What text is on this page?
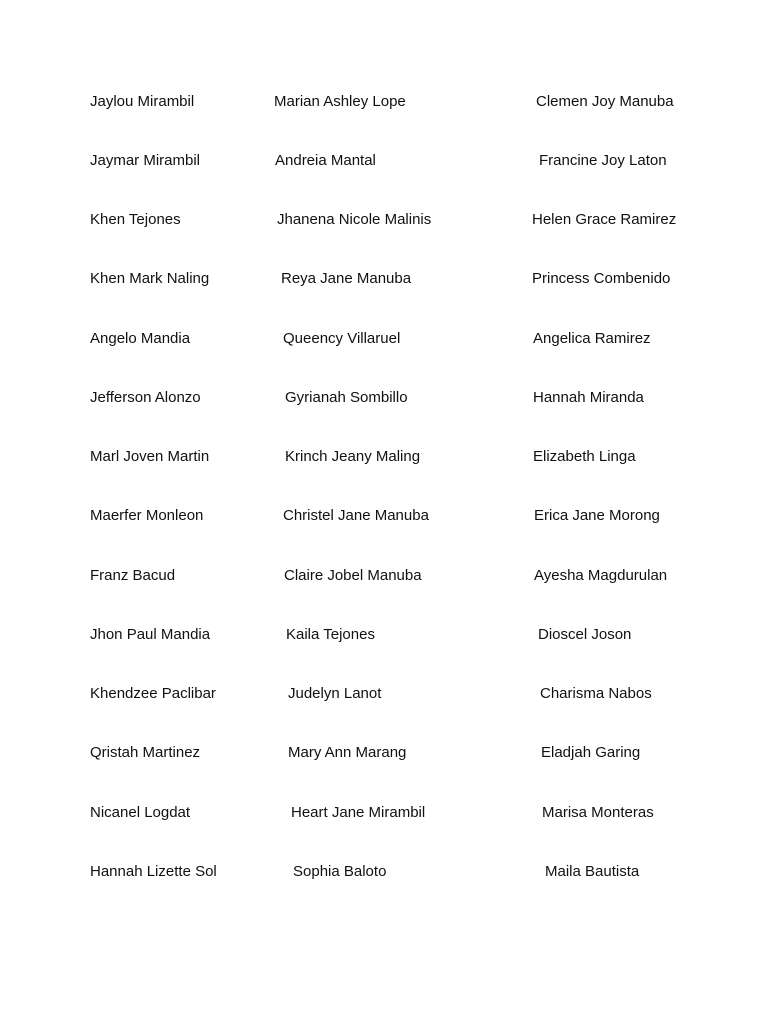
Jaylou Mirambil	Marian Ashley Lope	Clemen Joy Manuba
Jaymar Mirambil	Andreia Mantal	Francine Joy Laton
Khen Tejones	Jhanena Nicole Malinis	Helen Grace Ramirez
Khen Mark Naling	Reya Jane Manuba	Princess Combenido
Angelo Mandia	Queency Villaruel	Angelica Ramirez
Jefferson Alonzo	Gyrianah Sombillo	Hannah Miranda
Marl Joven Martin	Krinch Jeany Maling	Elizabeth Linga
Maerfer Monleon	Christel Jane Manuba	Erica Jane Morong
Franz Bacud	Claire Jobel Manuba	Ayesha Magdurulan
Jhon Paul Mandia	Kaila Tejones	Dioscel Joson
Khendzee Paclibar	Judelyn Lanot	Charisma Nabos
Qristah Martinez	Mary Ann Marang	Eladjah Garing
Nicanel Logdat	Heart Jane Mirambil	Marisa Monteras
Hannah Lizette Sol	Sophia Baloto	Maila Bautista
